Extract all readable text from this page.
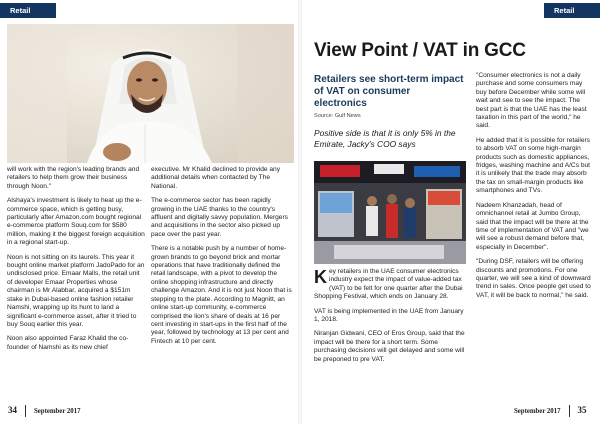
Retail

will work with the region's leading brands and retailers to help them grow their business through Noon."

Alshaya's investment is likely to heat up the e-commerce space, which is getting busy, particularly after Amazon.com bought regional e-commerce platform Souq.com for $580 million, making it the biggest foreign acquisition in a regional start-up.

Noon is not sitting on its laurels. This year it bought online market platform JadoPado for an undisclosed price. Emaar Malls, the retail unit of developer Emaar Properties whose chairman is Mr Alabbar, acquired a $151m stake in Dubai-based online fashion retailer Namshi, wrapping up its hunt to land a significant e-commerce asset, after it tried to buy Souq earlier this year.

Noon also appointed Faraz Khalid the co-founder of Namshi as its new chief

executive. Mr Khalid declined to provide any additional details when contacted by The National.

The e-commerce sector has been rapidly growing in the UAE thanks to the country's affluent and digitally savvy population. Mergers and acquisitions in the sector also picked up pace over the past year.

There is a notable push by a number of home-grown brands to go beyond brick and mortar operations that have traditionally defined the retail landscape, with a pivot to develop the online shopping infrastructure and directly challenge Amazon. And it is not just Noon that is stepping to the plate. According to Magnitt, an online start-up community, e-commerce comprised the lion's share of deals at 16 per cent investing in start-ups in the first half of the year, followed by technology at 13 per cent and Fintech at 10 per cent.

34	September 2017
Retail
View Point / VAT in GCC
Retailers see short-term impact of VAT on consumer electronics
Source: Gulf News
Positive side is that it is only 5% in the Emirate, Jacky's COO says

Key retailers in the UAE consumer electronics industry expect the impact of value-added tax (VAT) to be felt for one quarter after the Dubai Shopping Festival, which ends on January 28.

VAT is being implemented in the UAE from January 1, 2018.

Niranjan Gidwani, CEO of Eros Group, said that the impact will be there for a short term. Some purchasing decisions will get delayed and some will be preponed to pre VAT.

"Consumer electronics is not a daily purchase and some consumers may buy before December while some will wait and see to see the impact. The best part is that the UAE has the least taxation in this part of the world," he said.

He added that it is possible for retailers to absorb VAT on some high-margin products such as domestic appliances, fridges, washing machine and A/Cs but it is unlikely that the trade may absorb the tax on small-margin products like smartphones and TVs.

Nadeem Khanzadah, head of omnichannel retail at Jumbo Group, said that the impact will be there at the time of implementation of VAT and "we will see a robust demand before that, especially in December".

"During DSF, retailers will be offering discounts and promotions. For one quarter, we will see a kind of downward trend in sales. Once people get used to VAT, it will be back to normal," he said.

September 2017 35
